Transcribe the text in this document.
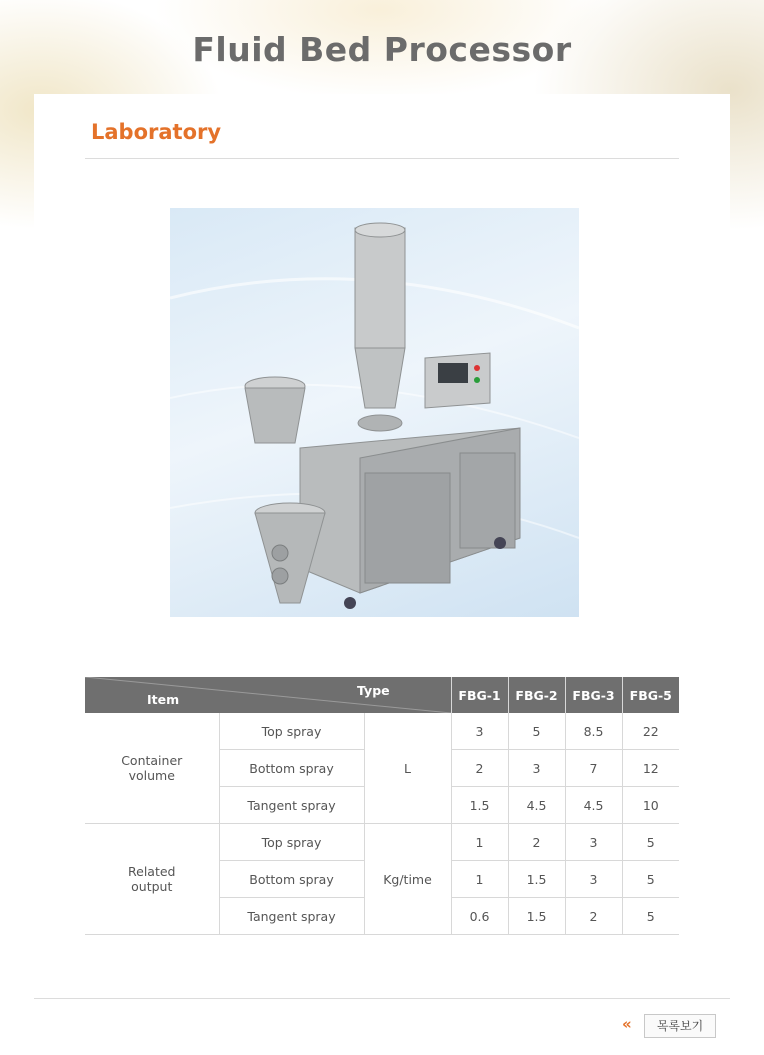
Fluid Bed Processor
Laboratory
Item
Type			FBG-1	FBG-2	FBG-3	FBG-5
Container volume	Top spray	L	3	5	8.5	22
	Bottom spray		2	3	7	12
	Tangent spray		1.5	4.5	4.5	10
Related output	Top spray	Kg/time	1	2	3	5
	Bottom spray		1	1.5	3	5
	Tangent spray		0.6	1.5	2	5
«	목록보기
